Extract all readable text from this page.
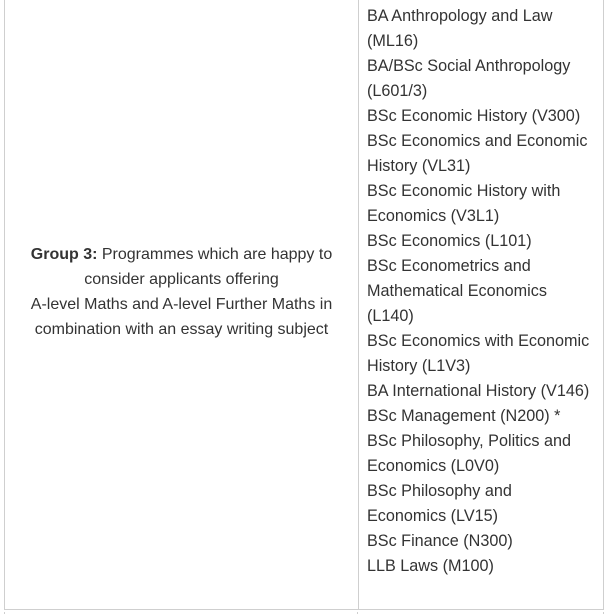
Group 3: Programmes which are happy to consider applicants offering
A-level Maths and A-level Further Maths in combination with an essay writing subject
BA Anthropology and Law (ML16)
BA/BSc Social Anthropology (L601/3)
BSc Economic History (V300)
BSc Economics and Economic History (VL31)
BSc Economic History with Economics (V3L1)
BSc Economics (L101)
BSc Econometrics and Mathematical Economics (L140)
BSc Economics with Economic History (L1V3)
BA International History (V146)
BSc Management (N200) *
BSc Philosophy, Politics and Economics (L0V0)
BSc Philosophy and Economics (LV15)
BSc Finance (N300)
LLB Laws (M100)
